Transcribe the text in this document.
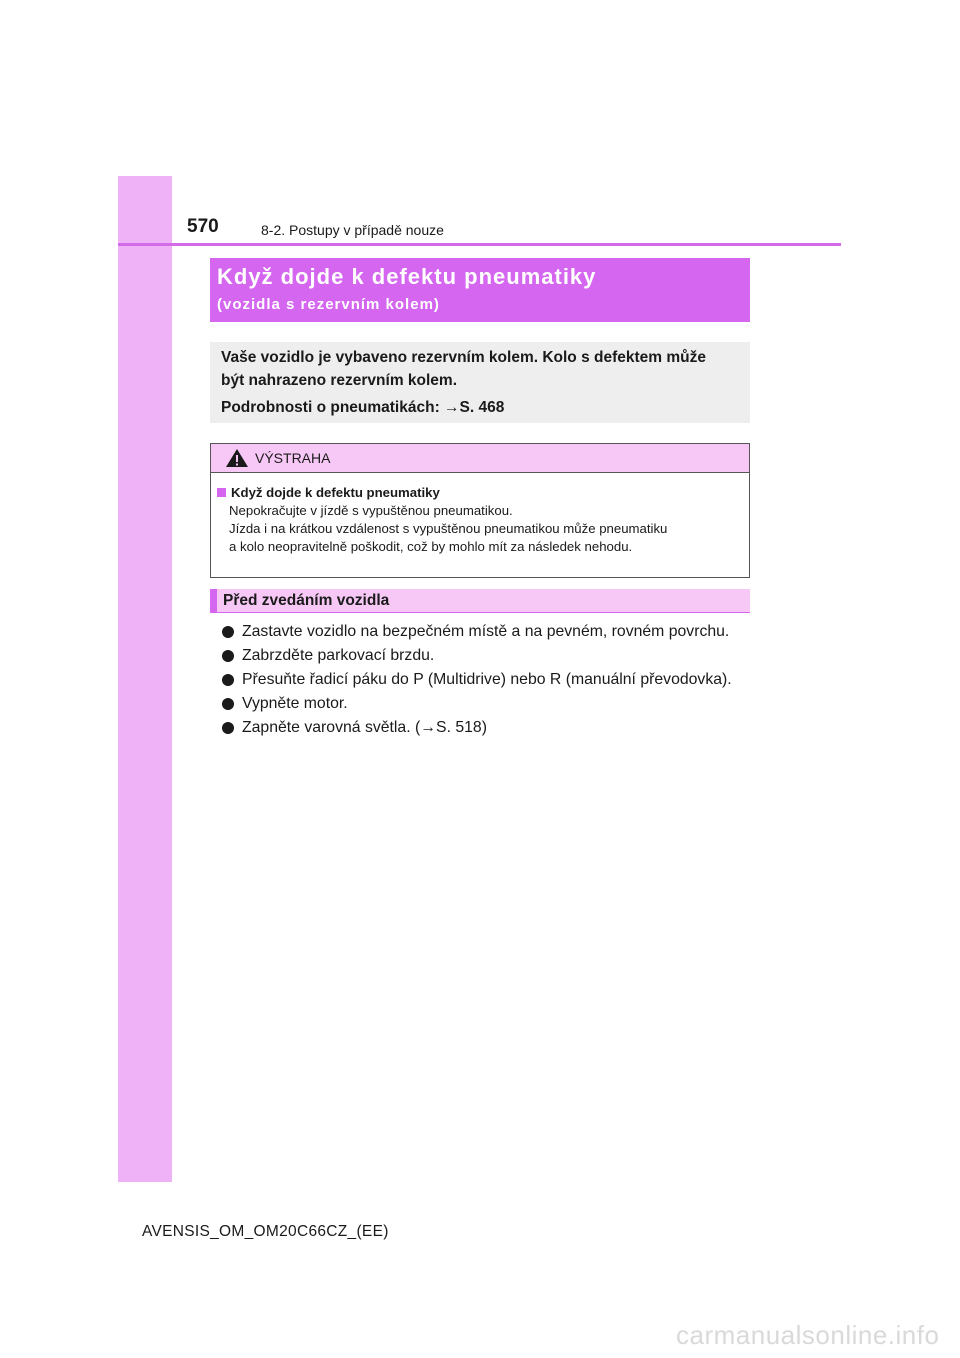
570	8-2. Postupy v případě nouze
Když dojde k defektu pneumatiky
(vozidla s rezervním kolem)

Vaše vozidlo je vybaveno rezervním kolem. Kolo s defektem může

být nahrazeno rezervním kolem.

Podrobnosti o pneumatikách: →S. 468

VÝSTRAHA
Když dojde k defektu pneumatiky
Nepokračujte v jízdě s vypuštěnou pneumatikou.
Jízda i na krátkou vzdálenost s vypuštěnou pneumatikou může pneumatiku
a kolo neopravitelně poškodit, což by mohlo mít za následek nehodu.
Před zvedáním vozidla
Zastavte vozidlo na bezpečném místě a na pevném, rovném povrchu.
Zabrzděte parkovací brzdu.
Přesuňte řadicí páku do P (Multidrive) nebo R (manuální převodovka).
Vypněte motor.
Zapněte varovná světla. (→S. 518)
AVENSIS_OM_OM20C66CZ_(EE)
carmanualsonline.info
